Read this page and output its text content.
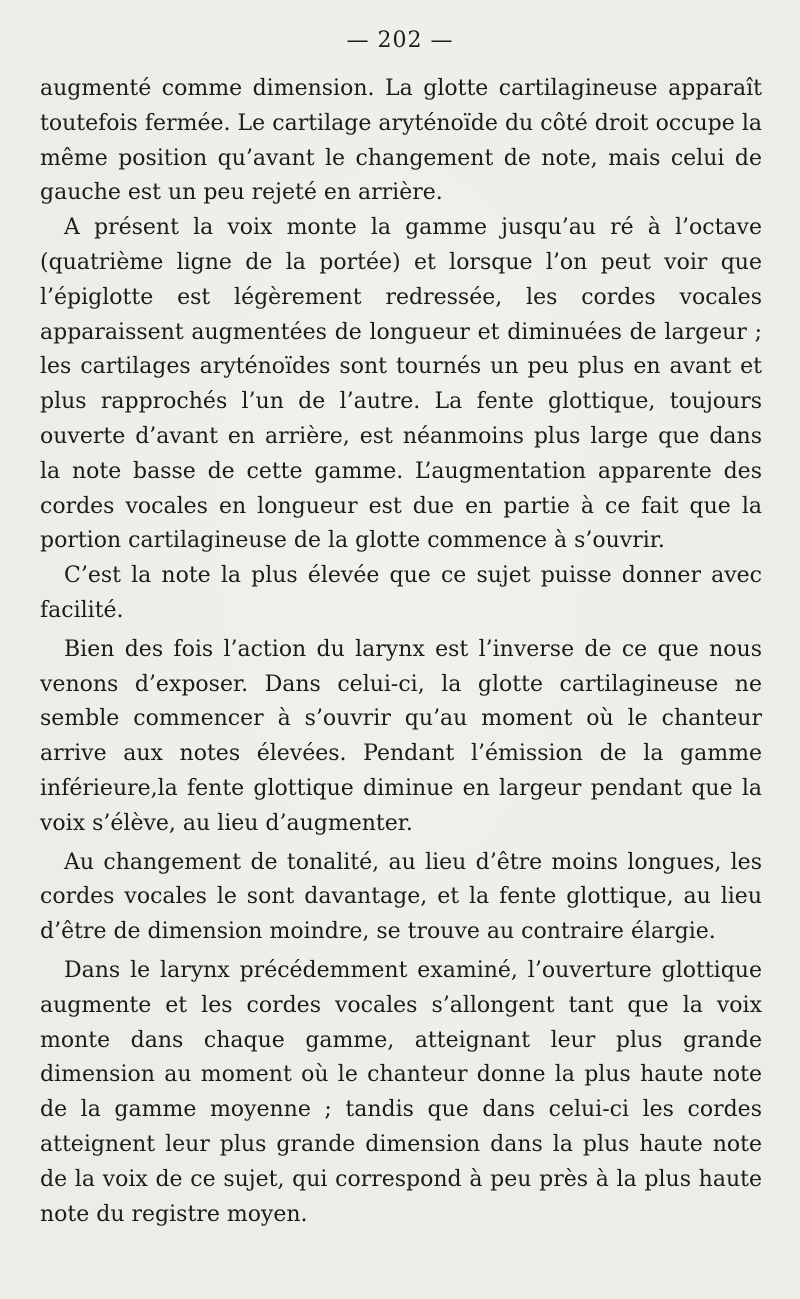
— 202 —

augmenté comme dimension. La glotte cartilagineuse apparaît toutefois fermée. Le cartilage aryténoïde du côté droit occupe la même position qu’avant le changement de note, mais celui de gauche est un peu rejeté en arrière.

A présent la voix monte la gamme jusqu’au ré à l’octave (quatrième ligne de la portée) et lorsque l’on peut voir que l’épiglotte est légèrement redressée, les cordes vocales apparaissent augmentées de longueur et diminuées de largeur ; les cartilages aryténoïdes sont tournés un peu plus en avant et plus rapprochés l’un de l’autre. La fente glottique, toujours ouverte d’avant en arrière, est néanmoins plus large que dans la note basse de cette gamme. L’augmentation apparente des cordes vocales en longueur est due en partie à ce fait que la portion cartilagineuse de la glotte commence à s’ouvrir.

C’est la note la plus élevée que ce sujet puisse donner avec facilité.

Bien des fois l’action du larynx est l’inverse de ce que nous venons d’exposer. Dans celui-ci, la glotte cartilagineuse ne semble commencer à s’ouvrir qu’au moment où le chanteur arrive aux notes élevées. Pendant l’émission de la gamme inférieure,la fente glottique diminue en largeur pendant que la voix s’élève, au lieu d’augmenter.

Au changement de tonalité, au lieu d’être moins longues, les cordes vocales le sont davantage, et la fente glottique, au lieu d’être de dimension moindre, se trouve au contraire élargie.

Dans le larynx précédemment examiné, l’ouverture glottique augmente et les cordes vocales s’allongent tant que la voix monte dans chaque gamme, atteignant leur plus grande dimension au moment où le chanteur donne la plus haute note de la gamme moyenne ; tandis que dans celui-ci les cordes atteignent leur plus grande dimension dans la plus haute note de la voix de ce sujet, qui correspond à peu près à la plus haute note du registre moyen.
